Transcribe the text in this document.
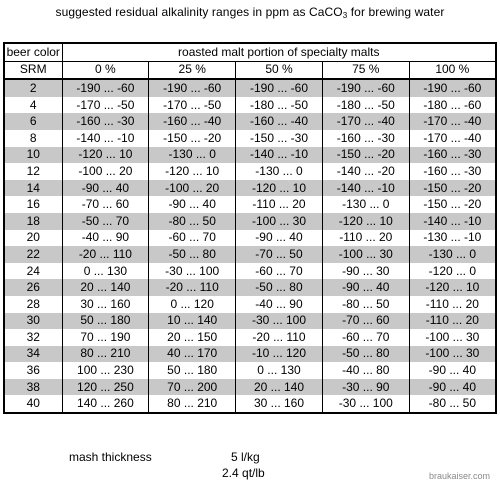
suggested residual alkalinity ranges in ppm as CaCO$_3$ for brewing water
beer color	roasted malt portion of specialty malts				
SRM	0 %	25 %	50 %	75 %	100 %
2	-190 ... -60	-190 ... -60	-190 ... -60	-190 ... -60	-190 ... -60
4	-170 ... -50	-170 ... -50	-180 ... -50	-180 ... -50	-180 ... -60
6	-160 ... -30	-160 ... -40	-160 ... -40	-170 ... -40	-170 ... -40
8	-140 ... -10	-150 ... -20	-150 ... -30	-160 ... -30	-170 ... -40
10	-120 ... 10	-130 ... 0	-140 ... -10	-150 ... -20	-160 ... -30
12	-100 ... 20	-120 ... 10	-130 ... 0	-140 ... -20	-160 ... -30
14	-90 ... 40	-100 ... 20	-120 ... 10	-140 ... -10	-150 ... -20
16	-70 ... 60	-90 ... 40	-110 ... 20	-130 ... 0	-150 ... -20
18	-50 ... 70	-80 ... 50	-100 ... 30	-120 ... 10	-140 ... -10
20	-40 ... 90	-60 ... 70	-90 ... 40	-110 ... 20	-130 ... -10
22	-20 ... 110	-50 ... 80	-70 ... 50	-100 ... 30	-130 ... 0
24	0 ... 130	-30 ... 100	-60 ... 70	-90 ... 30	-120 ... 0
26	20 ... 140	-20 ... 110	-50 ... 80	-90 ... 40	-120 ... 10
28	30 ... 160	0 ... 120	-40 ... 90	-80 ... 50	-110 ... 20
30	50 ... 180	10 ... 140	-30 ... 100	-70 ... 60	-110 ... 20
32	70 ... 190	20 ... 150	-20 ... 110	-60 ... 70	-100 ... 30
34	80 ... 210	40 ... 170	-10 ... 120	-50 ... 80	-100 ... 30
36	100 ... 230	50 ... 180	0 ... 130	-40 ... 80	-90 ... 40
38	120 ... 250	70 ... 200	20 ... 140	-30 ... 90	-90 ... 40
40	140 ... 260	80 ... 210	30 ... 160	-30 ... 100	-80 ... 50
mash thickness	5 l/kg
2.4 qt/lb	braukaiser.com
